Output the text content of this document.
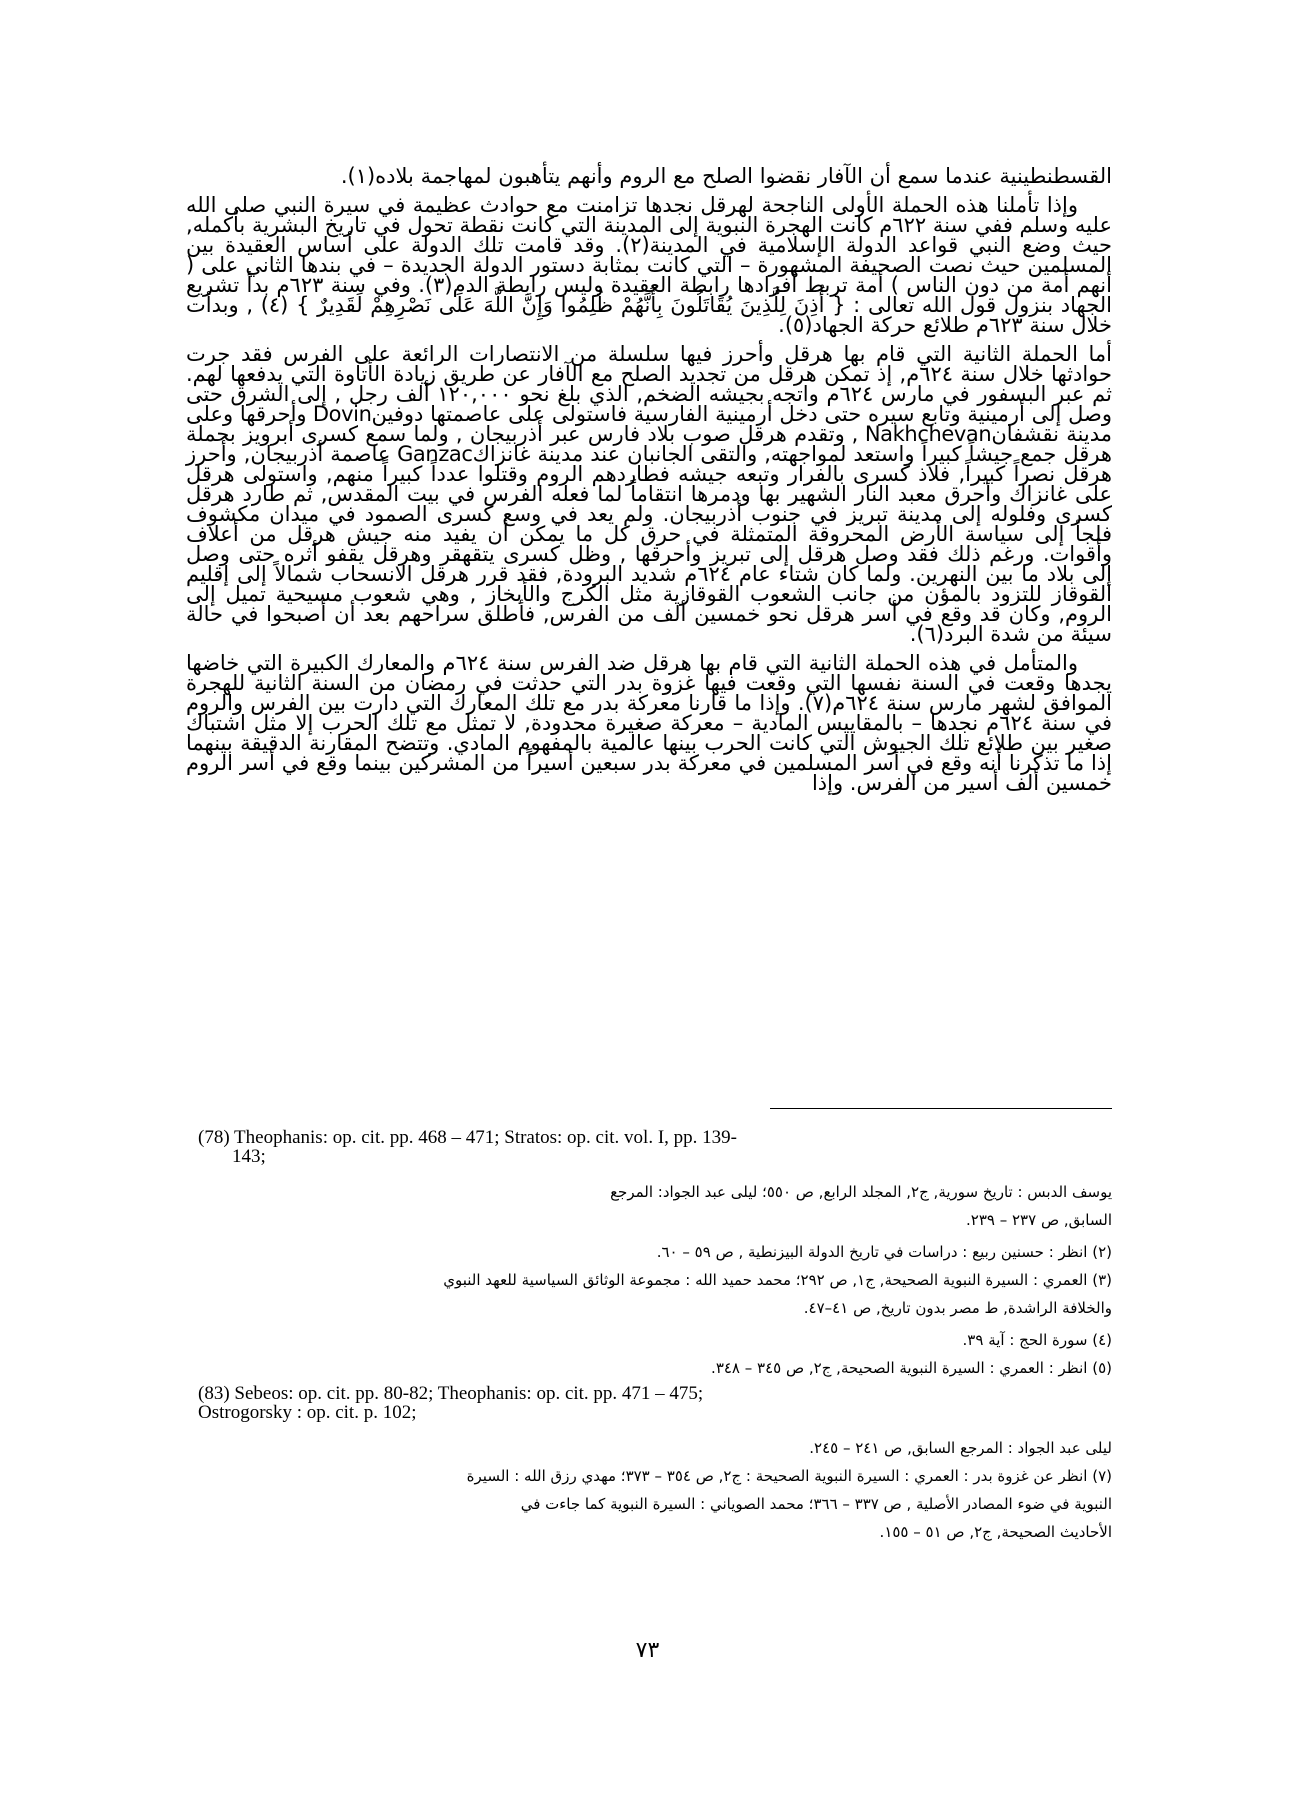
القسطنطينية عندما سمع أن الآفار نقضوا الصلح مع الروم وأنهم يتأهبون لمهاجمة بلاده(١).

وإذا تأملنا هذه الحملة الأولى الناجحة لهرقل نجدها تزامنت مع حوادث عظيمة في سيرة النبي صلى الله عليه وسلم ففي سنة ٦٢٢م كانت الهجرة النبوية إلى المدينة التي كانت نقطة تحول في تاريخ البشرية بأكمله, حيث وضع النبي قواعد الدولة الإسلامية في المدينة(٢). وقد قامت تلك الدولة على أساس العقيدة بين المسلمين حيث نصت الصحيفة المشهورة – التي كانت بمثابة دستور الدولة الجديدة – في بندها الثاني على ( أنهم أمة من دون الناس ) أمة تربط أفرادها رابطة العقيدة وليس رابطة الدم(٣). وفي سنة ٦٢٣م بدأ تشريع الجهاد بنزول قول الله تعالى : { أُذِنَ لِلَّذِينَ يُقَاتَلُونَ بِأَنَّهُمْ ظُلِمُوا وَإِنَّ اللَّهَ عَلَى نَصْرِهِمْ لَقَدِيرٌ } (٤) , وبدأت خلال سنة ٦٢٣م طلائع حركة الجهاد(٥).

أما الحملة الثانية التي قام بها هرقل وأحرز فيها سلسلة من الانتصارات الرائعة على الفرس فقد جرت حوادثها خلال سنة ٦٢٤م, إذ تمكن هرقل من تجديد الصلح مع الآفار عن طريق زيادة الأتاوة التي يدفعها لهم. ثم عبر البسفور في مارس ٦٢٤م واتجه بجيشه الضخم, الذي بلغ نحو ١٢٠,٠٠٠ ألف رجل , إلى الشرق حتى وصل إلى أرمينية وتابع سيره حتى دخل أرمينية الفارسية فاستولى على عاصمتها دوفينDovin وأحرقها وعلى مدينة نقشفانNakhchevan , وتقدم هرقل صوب بلاد فارس عبر أذربيجان , ولما سمع كسرى أبرويز بحملة هرقل جمع جيشاً كبيراً واستعد لمواجهته, والتقى الجانبان عند مدينة غانزاكGanzac عاصمة أذربيجان, وأحرز هرقل نصراً كبيراً, فلاذ كسرى بالفرار وتبعه جيشه فطاردهم الروم وقتلوا عدداً كبيراً منهم, واستولى هرقل على غانزاك وأحرق معبد النار الشهير بها ودمرها انتقاماً لما فعله الفرس في بيت المقدس, ثم طارد هرقل كسرى وفلوله إلى مدينة تبريز في جنوب أذربيجان. ولم يعد في وسع كسرى الصمود في ميدان مكشوف فلجأ إلى سياسة الأرض المحروقة المتمثلة في حرق كل ما يمكن أن يفيد منه جيش هرقل من أعلاف وأقوات. ورغم ذلك فقد وصل هرقل إلى تبريز وأحرقها , وظل كسرى يتقهقر وهرقل يقفو أثره حتى وصل إلى بلاد ما بين النهرين. ولما كان شتاء عام ٦٢٤م شديد البرودة, فقد قرر هرقل الانسحاب شمالاً إلى إقليم القوقاز للتزود بالمؤن من جانب الشعوب القوقازية مثل الكرج والأبخاز , وهي شعوب مسيحية تميل إلى الروم, وكان قد وقع في أسر هرقل نحو خمسين ألف من الفرس, فأطلق سراحهم بعد أن أصبحوا في حالة سيئة من شدة البرد(٦).

والمتأمل في هذه الحملة الثانية التي قام بها هرقل ضد الفرس سنة ٦٢٤م والمعارك الكبيرة التي خاضها يجدها وقعت في السنة نفسها التي وقعت فيها غزوة بدر التي حدثت في رمضان من السنة الثانية للهجرة الموافق لشهر مارس سنة ٦٢٤م(٧). وإذا ما قارنا معركة بدر مع تلك المعارك التي دارت بين الفرس والروم في سنة ٦٢٤م نجدها – بالمقاييس المادية – معركة صغيرة محدودة, لا تمثل مع تلك الحرب إلا مثل اشتباك صغير بين طلائع تلك الجيوش التي كانت الحرب بينها عالمية بالمفهوم المادي. وتتضح المقارنة الدقيقة بينهما إذا ما تذكرنا أنه وقع في أسر المسلمين في معركة بدر سبعين أسيراً من المشركين بينما وقع في أسر الروم خمسين ألف أسير من الفرس. وإذا

(78) Theophanis: op. cit. pp. 468 – 471; Stratos: op. cit. vol. I, pp. 139-
143;

يوسف الدبس : تاريخ سورية, ج٢, المجلد الرابع, ص ٥٥٠؛ ليلى عبد الجواد: المرجع

السابق, ص ٢٣٧ – ٢٣٩.

(٢) انظر : حسنين ربيع : دراسات في تاريخ الدولة البيزنطية , ص ٥٩ – ٦٠.

(٣) العمري : السيرة النبوية الصحيحة, ج١, ص ٢٩٢؛ محمد حميد الله : مجموعة الوثائق السياسية للعهد النبوي

والخلافة الراشدة, ط مصر بدون تاريخ, ص ٤١–٤٧.

(٤) سورة الحج : آية ٣٩.

(٥) انظر : العمري : السيرة النبوية الصحيحة, ج٢, ص ٣٤٥ – ٣٤٨.

(83) Sebeos: op. cit. pp. 80-82; Theophanis: op. cit. pp. 471 – 475;
Ostrogorsky : op. cit. p. 102;

ليلى عبد الجواد : المرجع السابق, ص ٢٤١ – ٢٤٥.

(٧) انظر عن غزوة بدر : العمري : السيرة النبوية الصحيحة : ج٢, ص ٣٥٤ – ٣٧٣؛ مهدي رزق الله : السيرة

النبوية في ضوء المصادر الأصلية , ص ٣٣٧ – ٣٦٦؛ محمد الصوياني : السيرة النبوية كما جاءت في

الأحاديث الصحيحة, ج٢, ص ٥١ – ١٥٥.

٧٣
